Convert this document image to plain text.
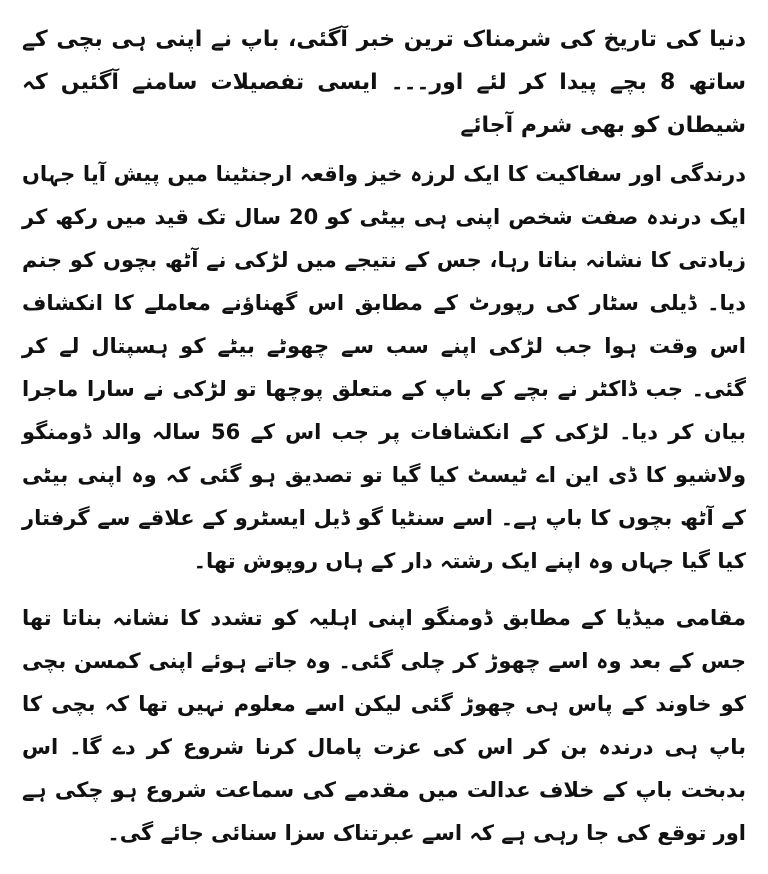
دنیا کی تاریخ کی شرمناک ترین خبر آگئی، باپ نے اپنی ہی بچی کے ساتھ 8 بچے پیدا کر لئے اور۔۔۔ ایسی تفصیلات سامنے آگئیں کہ شیطان کو بھی شرم آجائے

درندگی اور سفاکیت کا ایک لرزہ خیز واقعہ ارجنٹینا میں پیش آیا جہاں ایک درندہ صفت شخص اپنی ہی بیٹی کو 20 سال تک قید میں رکھ کر زیادتی کا نشانہ بناتا رہا، جس کے نتیجے میں لڑکی نے آٹھ بچوں کو جنم دیا۔ ڈیلی سٹار کی رپورٹ کے مطابق اس گھناؤنے معاملے کا انکشاف اس وقت ہوا جب لڑکی اپنے سب سے چھوٹے بیٹے کو ہسپتال لے کر گئی۔ جب ڈاکٹر نے بچے کے باپ کے متعلق پوچھا تو لڑکی نے سارا ماجرا بیان کر دیا۔ لڑکی کے انکشافات پر جب اس کے 56 سالہ والد ڈومنگو ولاشیو کا ڈی این اے ٹیسٹ کیا گیا تو تصدیق ہو گئی کہ وہ اپنی بیٹی کے آٹھ بچوں کا باپ ہے۔ اسے سنٹیا گو ڈیل ایسٹرو کے علاقے سے گرفتار کیا گیا جہاں وہ اپنے ایک رشتہ دار کے ہاں روپوش تھا۔

مقامی میڈیا کے مطابق ڈومنگو اپنی اہلیہ کو تشدد کا نشانہ بناتا تھا جس کے بعد وہ اسے چھوڑ کر چلی گئی۔ وہ جاتے ہوئے اپنی کمسن بچی کو خاوند کے پاس ہی چھوڑ گئی لیکن اسے معلوم نہیں تھا کہ بچی کا باپ ہی درندہ بن کر اس کی عزت پامال کرنا شروع کر دے گا۔ اس بدبخت باپ کے خلاف عدالت میں مقدمے کی سماعت شروع ہو چکی ہے اور توقع کی جا رہی ہے کہ اسے عبرتناک سزا سنائی جائے گی۔
